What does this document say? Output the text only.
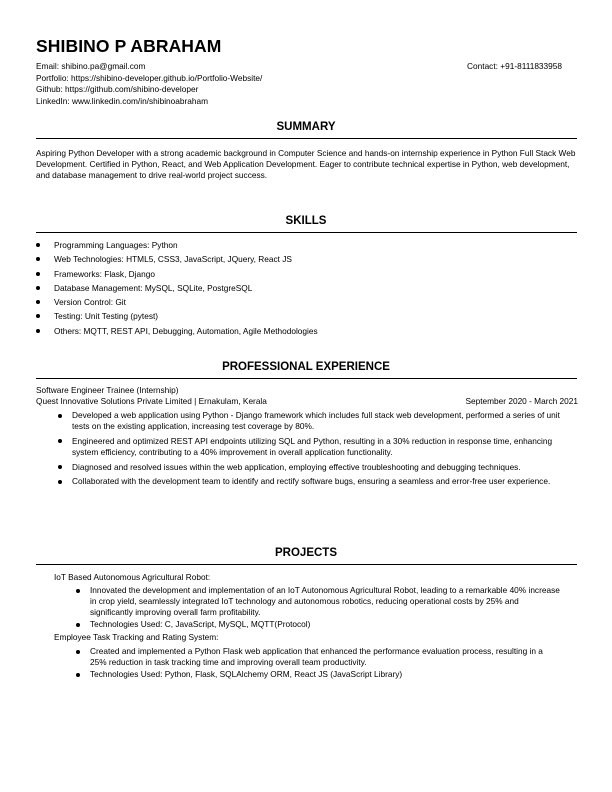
SHIBINO P ABRAHAM
Email: shibino.pa@gmail.com
Portfolio: https://shibino-developer.github.io/Portfolio-Website/
Github: https://github.com/shibino-developer
LinkedIn: www.linkedin.com/in/shibinoabraham
Contact: +91-8111833958
SUMMARY
Aspiring Python Developer with a strong academic background in Computer Science and hands-on internship experience in Python Full Stack Web Development. Certified in Python, React, and Web Application Development. Eager to contribute technical expertise in Python, web development, and database management to drive real-world project success.
SKILLS
Programming Languages: Python
Web Technologies: HTML5, CSS3, JavaScript, JQuery, React JS
Frameworks: Flask, Django
Database Management: MySQL, SQLite, PostgreSQL
Version Control: Git
Testing: Unit Testing (pytest)
Others: MQTT, REST API, Debugging, Automation, Agile Methodologies
PROFESSIONAL EXPERIENCE
Software Engineer Trainee (Internship)
Quest Innovative Solutions Private Limited | Ernakulam, Kerala	September 2020 - March 2021
Developed a web application using Python - Django framework which includes full stack web development, performed a series of unit tests on the existing application, increasing test coverage by 80%.
Engineered and optimized REST API endpoints utilizing SQL and Python, resulting in a 30% reduction in response time, enhancing system efficiency, contributing to a 40% improvement in overall application functionality.
Diagnosed and resolved issues within the web application, employing effective troubleshooting and debugging techniques.
Collaborated with the development team to identify and rectify software bugs, ensuring a seamless and error-free user experience.
PROJECTS
IoT Based Autonomous Agricultural Robot:
Innovated the development and implementation of an IoT Autonomous Agricultural Robot, leading to a remarkable 40% increase in crop yield, seamlessly integrated IoT technology and autonomous robotics, reducing operational costs by 25% and significantly improving overall farm profitability.
Technologies Used: C, JavaScript, MySQL, MQTT(Protocol)
Employee Task Tracking and Rating System:
Created and implemented a Python Flask web application that enhanced the performance evaluation process, resulting in a 25% reduction in task tracking time and improving overall team productivity.
Technologies Used: Python, Flask, SQLAlchemy ORM, React JS (JavaScript Library)
